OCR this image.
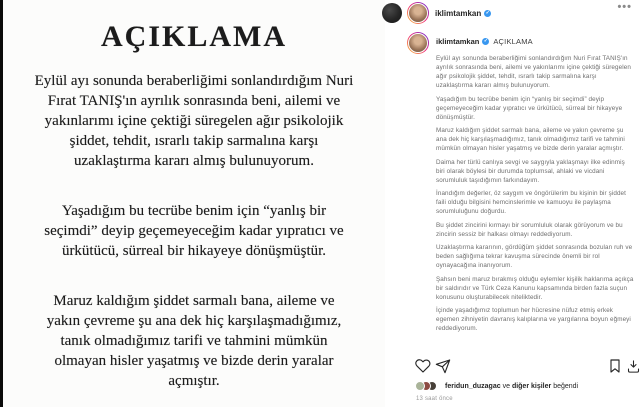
AÇIKLAMA

Eylül ayı sonunda beraberliğimi sonlandırdığım Nuri Fırat TANIŞ'ın ayrılık sonrasında beni, ailemi ve yakınlarımı içine çektiği süregelen ağır psikolojik şiddet, tehdit, ısrarlı takip sarmalına karşı uzaklaştırma kararı almış bulunuyorum.

Yaşadığım bu tecrübe benim için “yanlış bir seçimdi” deyip geçemeyeceğim kadar yıpratıcı ve ürkütücü, sürreal bir hikayeye dönüşmüştür.

Maruz kaldığım şiddet sarmalı bana, aileme ve yakın çevreme şu ana dek hiç karşılaşmadığımız, tanık olmadığımız tarifi ve tahmini mümkün olmayan hisler yaşatmış ve bizde derin yaralar açmıştır.

iklimtamkan ✓	•••
iklimtamkan ✓ AÇIKLAMA

Eylül ayı sonunda beraberliğimi sonlandırdığım Nuri Fırat TANIŞ'ın ayrılık sonrasında beni, ailemi ve yakınlarımı içine çektiği süregelen ağır psikolojik şiddet, tehdit, ısrarlı takip sarmalına karşı uzaklaştırma kararı almış bulunuyorum.

Yaşadığım bu tecrübe benim için “yanlış bir seçimdi” deyip geçemeyeceğim kadar yıpratıcı ve ürkütücü, sürreal bir hikayeye dönüşmüştür.

Maruz kaldığım şiddet sarmalı bana, aileme ve yakın çevreme şu ana dek hiç karşılaşmadığımız, tanık olmadığımız tarifi ve tahmini mümkün olmayan hisler yaşatmış ve bizde derin yaralar açmıştır.

Daima her türlü canlıya sevgi ve saygıyla yaklaşmayı ilke edinmiş biri olarak böylesi bir durumda toplumsal, ahlaki ve vicdani sorumluluk taşıdığımın farkındayım.

İnandığım değerler, öz saygım ve öngörülerim bu kişinin bir şiddet faili olduğu bilgisini hemcinslerimle ve kamuoyu ile paylaşma sorumluluğunu doğurdu.

Bu şiddet zincirini kırmayı bir sorumluluk olarak görüyorum ve bu zincirin sessiz bir halkası olmayı reddediyorum.

Uzaklaştırma kararının, gördüğüm şiddet sonrasında bozulan ruh ve beden sağlığıma tekrar kavuşma sürecinde önemli bir rol oynayacağına inanıyorum.

Şahsın beni maruz bırakmış olduğu eylemler kişilik haklarıma açıkça bir saldırıdır ve Türk Ceza Kanunu kapsamında birden fazla suçun konusunu oluşturabilecek niteliktedir.

İçinde yaşadığımız toplumun her hücresine nüfuz etmiş erkek egemen zihniyetin davranış kalıplarına ve yargılarına boyun eğmeyi reddediyorum.

feridun_duzagac ve diğer kişiler beğendi
13 saat önce
